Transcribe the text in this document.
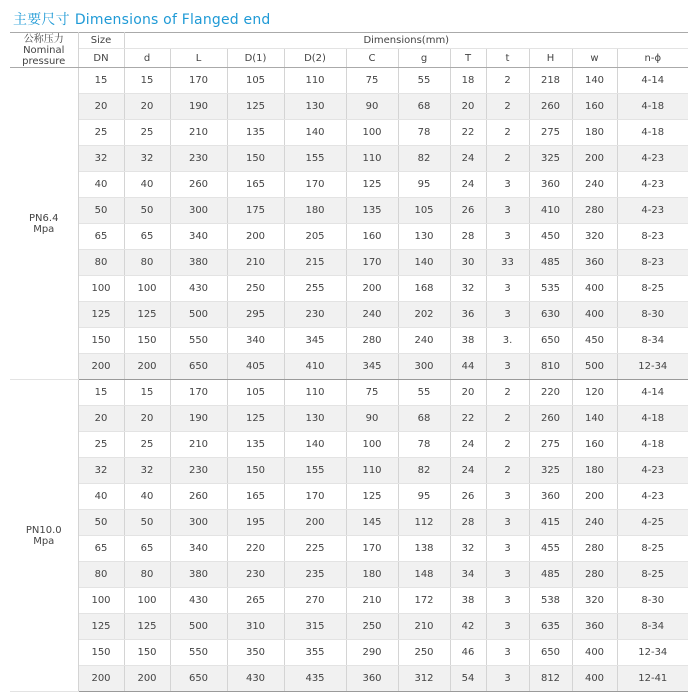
主要尺寸 Dimensions of Flanged end
公称压力
Nominal
pressure	Size	Dimensions(mm)										
	DN	d	L	D(1)	D(2)	C	g	T	t	H	w	n-ϕ

PN6.4
Mpa	15	15	170	105	110	75	55	18	2	218	140	4-14
	20	20	190	125	130	90	68	20	2	260	160	4-18
	25	25	210	135	140	100	78	22	2	275	180	4-18
	32	32	230	150	155	110	82	24	2	325	200	4-23
	40	40	260	165	170	125	95	24	3	360	240	4-23
	50	50	300	175	180	135	105	26	3	410	280	4-23
	65	65	340	200	205	160	130	28	3	450	320	8-23
	80	80	380	210	215	170	140	30	33	485	360	8-23
	100	100	430	250	255	200	168	32	3	535	400	8-25
	125	125	500	295	230	240	202	36	3	630	400	8-30
	150	150	550	340	345	280	240	38	3.	650	450	8-34
	200	200	650	405	410	345	300	44	3	810	500	12-34

PN10.0
Mpa	15	15	170	105	110	75	55	20	2	220	120	4-14
	20	20	190	125	130	90	68	22	2	260	140	4-18
	25	25	210	135	140	100	78	24	2	275	160	4-18
	32	32	230	150	155	110	82	24	2	325	180	4-23
	40	40	260	165	170	125	95	26	3	360	200	4-23
	50	50	300	195	200	145	112	28	3	415	240	4-25
	65	65	340	220	225	170	138	32	3	455	280	8-25
	80	80	380	230	235	180	148	34	3	485	280	8-25
	100	100	430	265	270	210	172	38	3	538	320	8-30
	125	125	500	310	315	250	210	42	3	635	360	8-34
	150	150	550	350	355	290	250	46	3	650	400	12-34
	200	200	650	430	435	360	312	54	3	812	400	12-41
